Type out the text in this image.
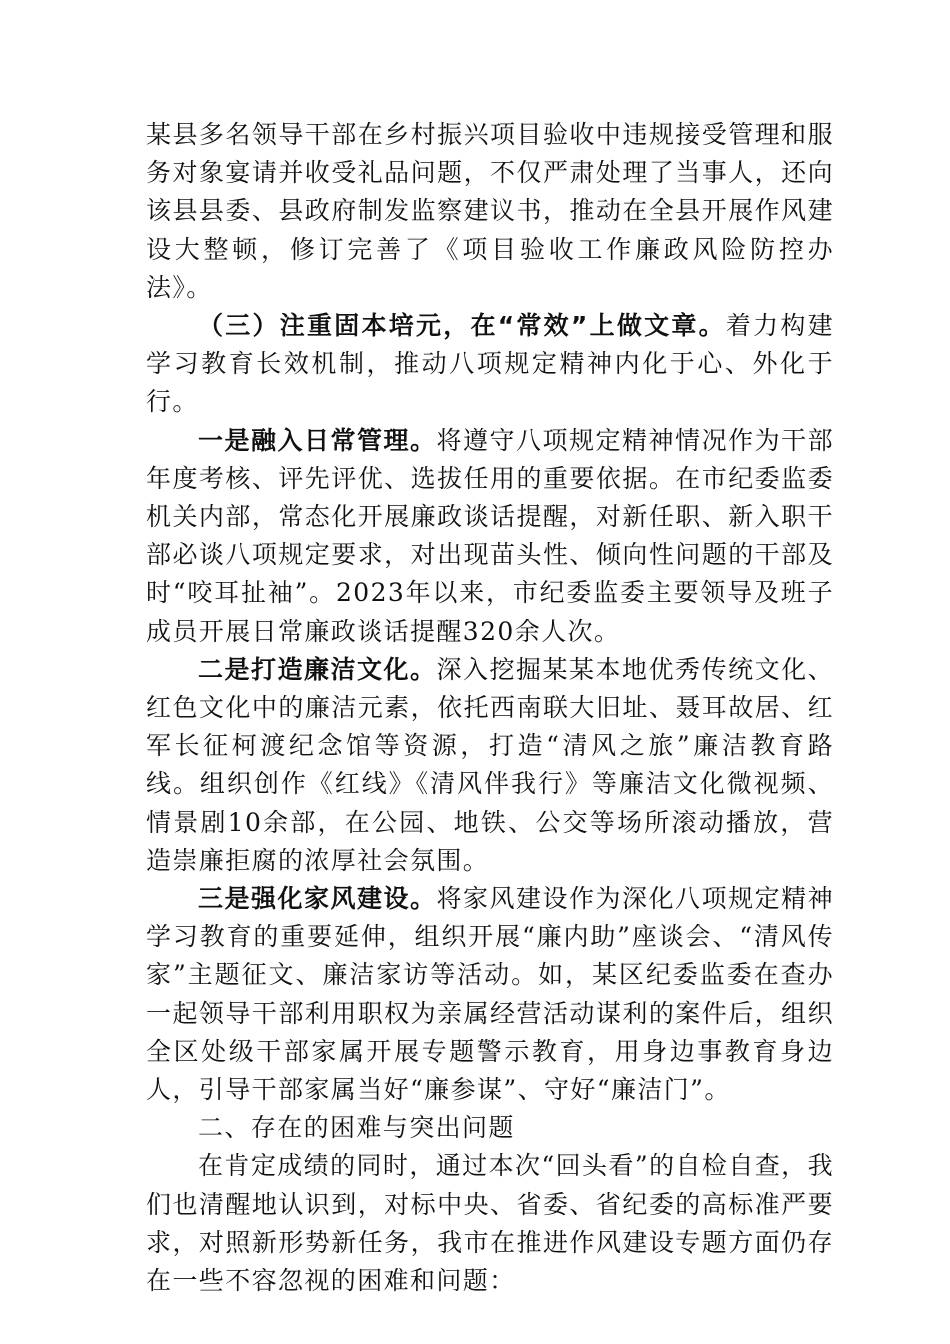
某县多名领导干部在乡村振兴项目验收中违规接受管理和服务对象宴请并收受礼品问题，不仅严肃处理了当事人，还向该县县委、县政府制发监察建议书，推动在全县开展作风建设大整顿，修订完善了《项目验收工作廉政风险防控办法》。

（三）注重固本培元，在“常效”上做文章。着力构建学习教育长效机制，推动八项规定精神内化于心、外化于行。

一是融入日常管理。将遵守八项规定精神情况作为干部年度考核、评先评优、选拔任用的重要依据。在市纪委监委机关内部，常态化开展廉政谈话提醒，对新任职、新入职干部必谈八项规定要求，对出现苗头性、倾向性问题的干部及时“咬耳扯袖”。2023年以来，市纪委监委主要领导及班子成员开展日常廉政谈话提醒320余人次。

二是打造廉洁文化。深入挖掘某某本地优秀传统文化、红色文化中的廉洁元素，依托西南联大旧址、聂耳故居、红军长征柯渡纪念馆等资源，打造“清风之旅”廉洁教育路线。组织创作《红线》《清风伴我行》等廉洁文化微视频、情景剧10余部，在公园、地铁、公交等场所滚动播放，营造崇廉拒腐的浓厚社会氛围。

三是强化家风建设。将家风建设作为深化八项规定精神学习教育的重要延伸，组织开展“廉内助”座谈会、“清风传家”主题征文、廉洁家访等活动。如，某区纪委监委在查办一起领导干部利用职权为亲属经营活动谋利的案件后，组织全区处级干部家属开展专题警示教育，用身边事教育身边人，引导干部家属当好“廉参谋”、守好“廉洁门”。

二、存在的困难与突出问题

在肯定成绩的同时，通过本次“回头看”的自检自查，我们也清醒地认识到，对标中央、省委、省纪委的高标准严要求，对照新形势新任务，我市在推进作风建设专题方面仍存在一些不容忽视的困难和问题：
